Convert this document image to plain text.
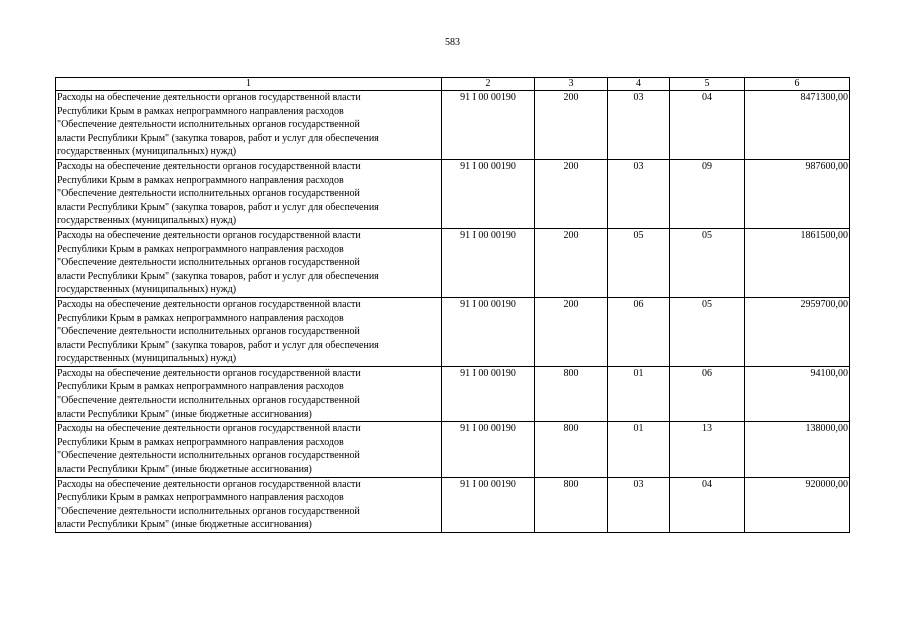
583
1	2	3	4	5	6
Расходы на обеспечение деятельности органов государственной власти
Республики Крым в рамках непрограммного направления расходов
"Обеспечение деятельности исполнительных органов государственной
власти Республики Крым" (закупка товаров, работ и услуг для обеспечения
государственных (муниципальных) нужд)	91 I 00 00190	200	03	04	8471300,00
Расходы на обеспечение деятельности органов государственной власти
Республики Крым в рамках непрограммного направления расходов
"Обеспечение деятельности исполнительных органов государственной
власти Республики Крым" (закупка товаров, работ и услуг для обеспечения
государственных (муниципальных) нужд)	91 I 00 00190	200	03	09	987600,00
Расходы на обеспечение деятельности органов государственной власти
Республики Крым в рамках непрограммного направления расходов
"Обеспечение деятельности исполнительных органов государственной
власти Республики Крым" (закупка товаров, работ и услуг для обеспечения
государственных (муниципальных) нужд)	91 I 00 00190	200	05	05	1861500,00
Расходы на обеспечение деятельности органов государственной власти
Республики Крым в рамках непрограммного направления расходов
"Обеспечение деятельности исполнительных органов государственной
власти Республики Крым" (закупка товаров, работ и услуг для обеспечения
государственных (муниципальных) нужд)	91 I 00 00190	200	06	05	2959700,00
Расходы на обеспечение деятельности органов государственной власти
Республики Крым в рамках непрограммного направления расходов
"Обеспечение деятельности исполнительных органов государственной
власти Республики Крым" (иные бюджетные ассигнования)	91 I 00 00190	800	01	06	94100,00
Расходы на обеспечение деятельности органов государственной власти
Республики Крым в рамках непрограммного направления расходов
"Обеспечение деятельности исполнительных органов государственной
власти Республики Крым" (иные бюджетные ассигнования)	91 I 00 00190	800	01	13	138000,00
Расходы на обеспечение деятельности органов государственной власти
Республики Крым в рамках непрограммного направления расходов
"Обеспечение деятельности исполнительных органов государственной
власти Республики Крым" (иные бюджетные ассигнования)	91 I 00 00190	800	03	04	920000,00
